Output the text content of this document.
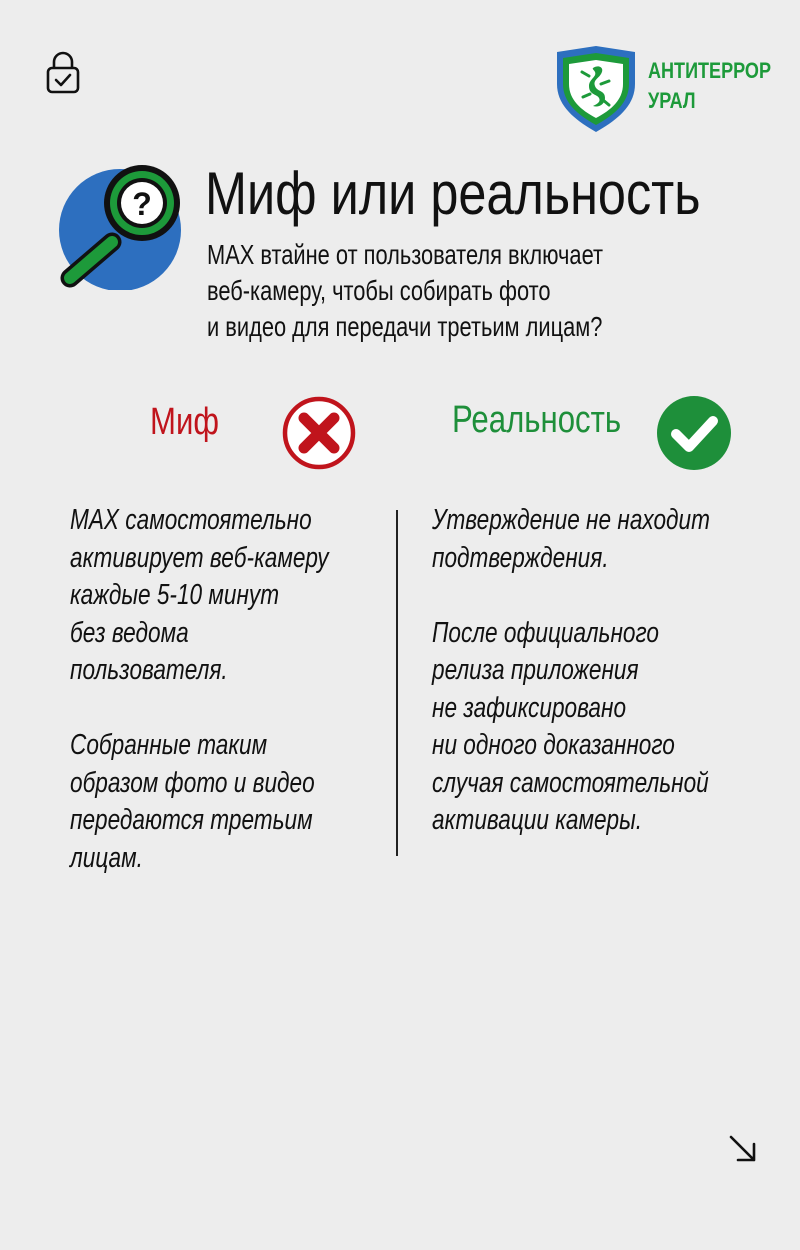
АНТИТЕРРОР
УРАЛ
? Миф или реальность
MAX втайне от пользователя включает
веб-камеру, чтобы собирать фото
и видео для передачи третьим лицам?
Миф	Реальность
MAX самостоятельно
активирует веб-камеру
каждые 5-10 минут
без ведома
пользователя.
Собранные таким
образом фото и видео
передаются третьим
лицам.
Утверждение не находит
подтверждения.
После официального
релиза приложения
не зафиксировано
ни одного доказанного
случая самостоятельной
активации камеры.
